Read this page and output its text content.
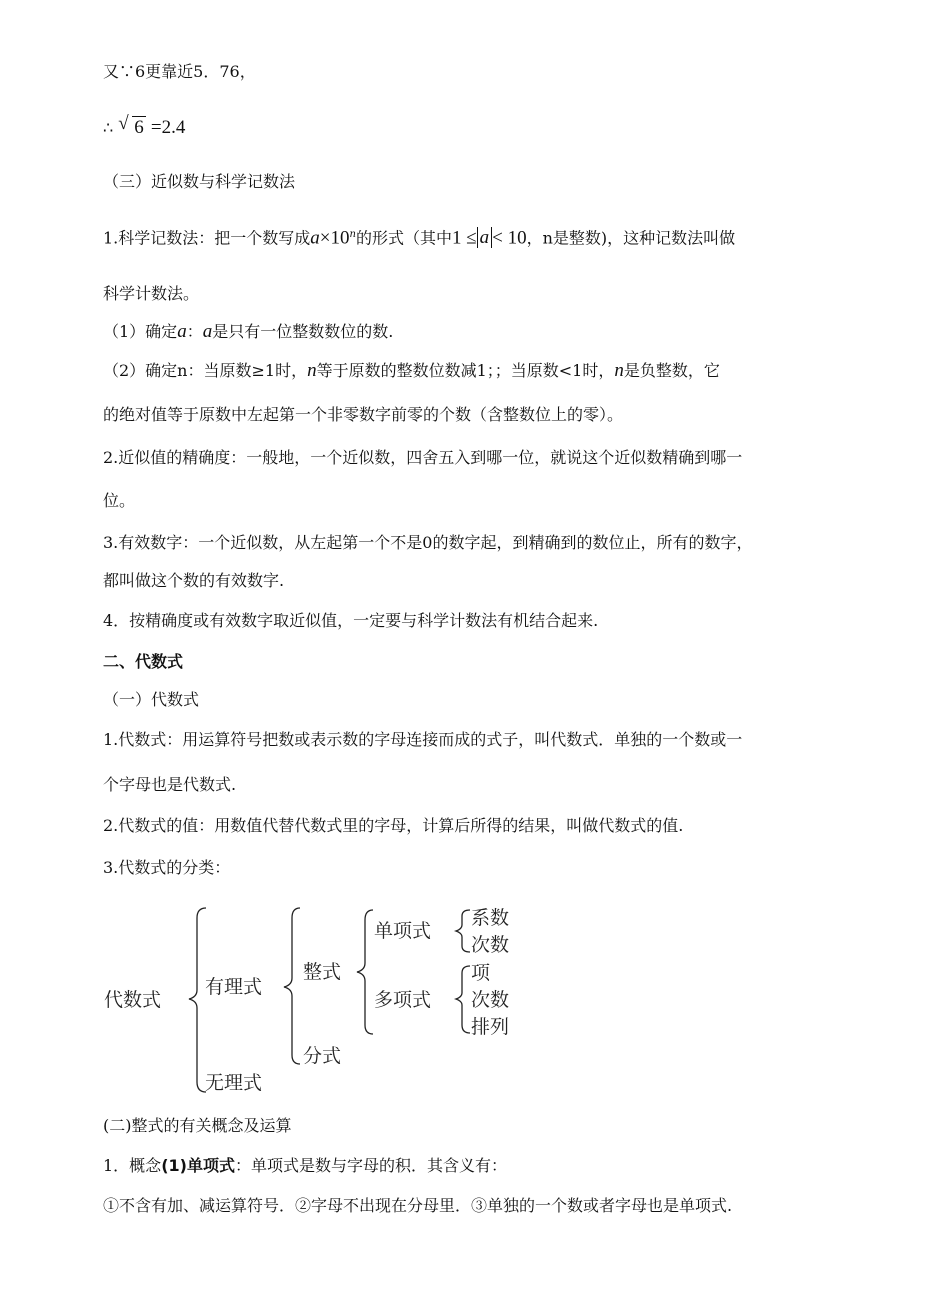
又∵6更靠近5．76，
∴ √ 6 =2.4
（三）近似数与科学记数法
1.科学记数法：把一个数写成$a\times 10^n$的形式（其中1 ≤ a < 10，n是整数)，这种记数法叫做
科学计数法。
（1）确定a：a是只有一位整数数位的数.
（2）确定n：当原数≥1时，n等于原数的整数位数减1；；当原数<1时，n是负整数，它
的绝对值等于原数中左起第一个非零数字前零的个数（含整数位上的零）。
2.近似值的精确度：一般地，一个近似数，四舍五入到哪一位，就说这个近似数精确到哪一
位。
3.有效数字：一个近似数，从左起第一个不是0的数字起，到精确到的数位止，所有的数字，
都叫做这个数的有效数字.
4．按精确度或有效数字取近似值，一定要与科学计数法有机结合起来.
二、代数式
（一）代数式
1.代数式：用运算符号把数或表示数的字母连接而成的式子，叫代数式．单独的一个数或一
个字母也是代数式.
2.代数式的值：用数值代替代数式里的字母，计算后所得的结果，叫做代数式的值.
3.代数式的分类：
代数式
有理式
无理式
整式
分式
单项式
多项式
系数
次数
项
次数
排列
(二)整式的有关概念及运算
1．概念(1)单项式：单项式是数与字母的积．其含义有：
①不含有加、减运算符号．②字母不出现在分母里．③单独的一个数或者字母也是单项式.
